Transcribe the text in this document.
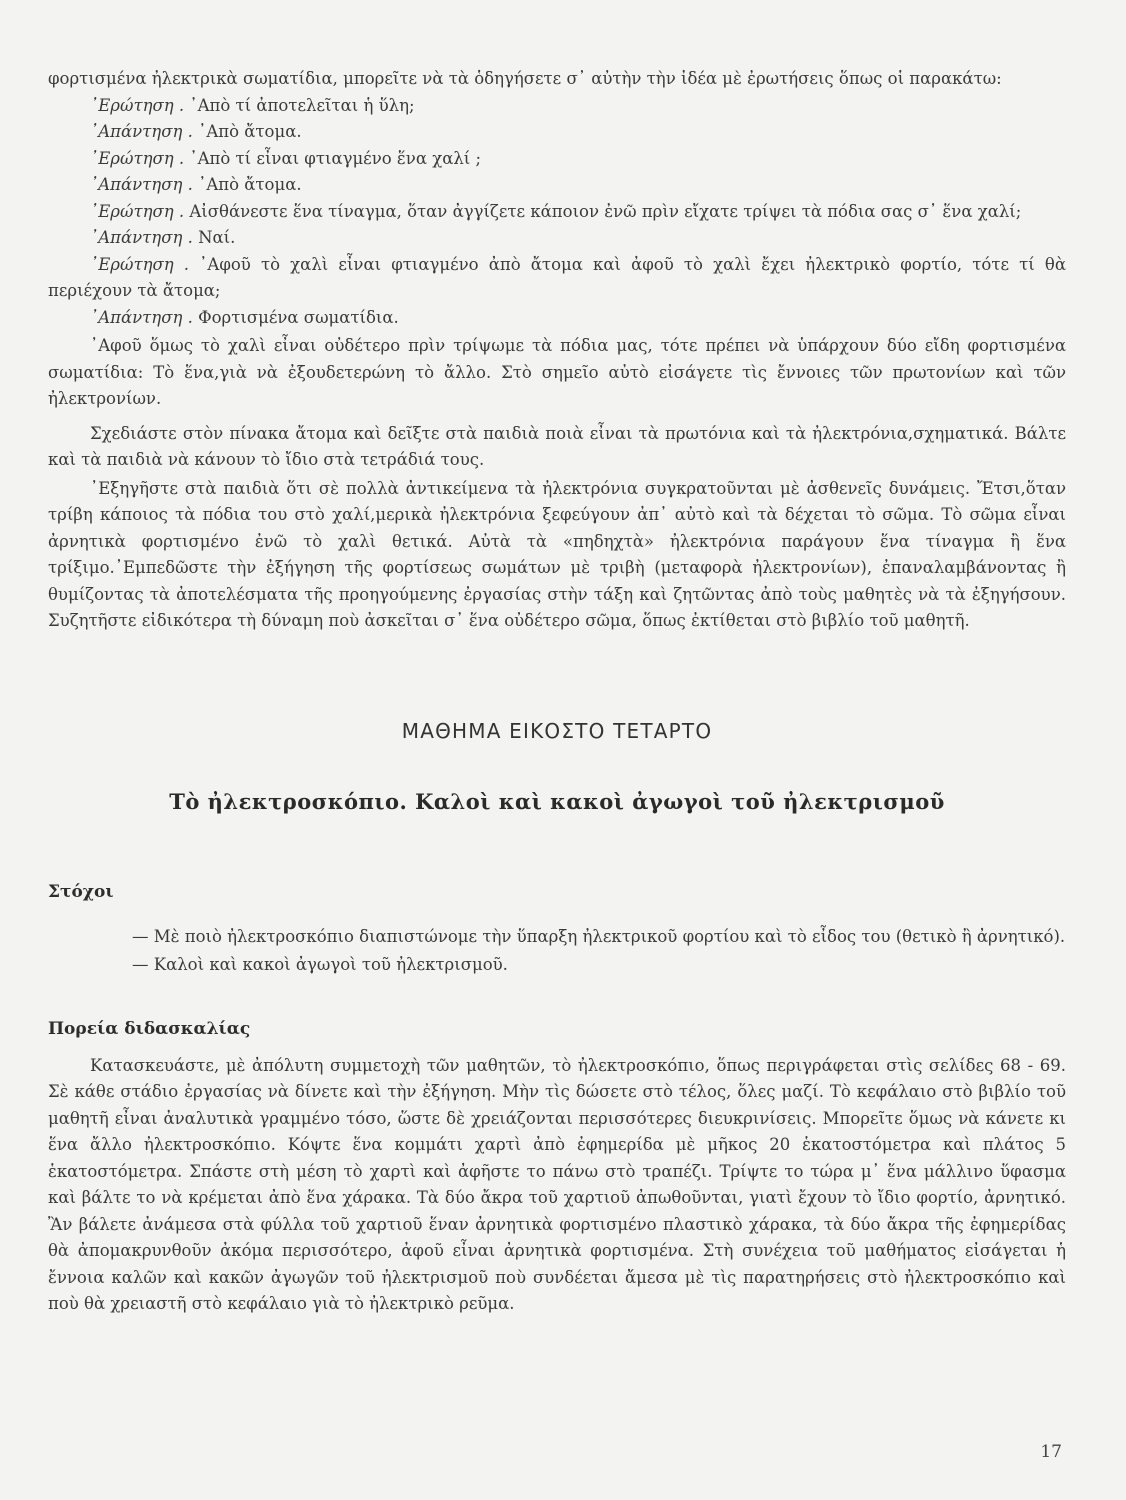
φορτισμένα ἠλεκτρικὰ σωματίδια, μπορεῖτε νὰ τὰ ὁδηγήσετε σ᾽ αὐτὴν τὴν ἰδέα μὲ ἐρωτήσεις ὅπως οἱ παρακάτω:

᾽Ερώτηση . ᾽Απὸ τί ἀποτελεῖται ἡ ὕλη;

᾽Απάντηση . ᾽Απὸ ἄτομα.

᾽Ερώτηση . ᾽Απὸ τί εἶναι φτιαγμένο ἕνα χαλί ;

᾽Απάντηση . ᾽Απὸ ἄτομα.

᾽Ερώτηση . Αἰσθάνεστε ἕνα τίναγμα, ὅταν ἀγγίζετε κάποιον ἐνῶ πρὶν εἴχατε τρίψει τὰ πόδια σας σ᾽ ἕνα χαλί;

᾽Απάντηση . Ναί.

᾽Ερώτηση . ᾽Αφοῦ τὸ χαλὶ εἶναι φτιαγμένο ἀπὸ ἄτομα καὶ ἀφοῦ τὸ χαλὶ ἔχει ἠλεκτρικὸ φορτίο, τότε τί θὰ περιέχουν τὰ ἄτομα;

᾽Απάντηση . Φορτισμένα σωματίδια.

᾽Αφοῦ ὅμως τὸ χαλὶ εἶναι οὐδέτερο πρὶν τρίψωμε τὰ πόδια μας, τότε πρέπει νὰ ὑπάρχουν δύο εἴδη φορτισμένα σωματίδια: Τὸ ἕνα,γιὰ νὰ ἐξουδετερώνη τὸ ἄλλο. Στὸ σημεῖο αὐτὸ εἰσάγετε τὶς ἔννοιες τῶν πρωτονίων καὶ τῶν ἠλεκτρονίων.

Σχεδιάστε στὸν πίνακα ἄτομα καὶ δεῖξτε στὰ παιδιὰ ποιὰ εἶναι τὰ πρωτόνια καὶ τὰ ἠλεκτρόνια,σχηματικά. Βάλτε καὶ τὰ παιδιὰ νὰ κάνουν τὸ ἴδιο στὰ τετράδιά τους.

᾽Εξηγῆστε στὰ παιδιὰ ὅτι σὲ πολλὰ ἀντικείμενα τὰ ἠλεκτρόνια συγκρατοῦνται μὲ ἀσθενεῖς δυνάμεις. Ἔτσι,ὅταν τρίβη κάποιος τὰ πόδια του στὸ χαλί,μερικὰ ἠλεκτρόνια ξεφεύγουν ἀπ᾽ αὐτὸ καὶ τὰ δέχεται τὸ σῶμα. Τὸ σῶμα εἶναι ἀρνητικὰ φορτισμένο ἐνῶ τὸ χαλὶ θετικά. Αὐτὰ τὰ «πηδηχτὰ» ἠλεκτρόνια παράγουν ἕνα τίναγμα ἢ ἕνα τρίξιμο.᾽Εμπεδῶστε τὴν ἐξήγηση τῆς φορτίσεως σωμάτων μὲ τριβὴ (μεταφορὰ ἠλεκτρονίων), ἐπαναλαμβάνοντας ἢ θυμίζοντας τὰ ἀποτελέσματα τῆς προηγούμενης ἐργασίας στὴν τάξη καὶ ζητῶντας ἀπὸ τοὺς μαθητὲς νὰ τὰ ἐξηγήσουν. Συζητῆστε εἰδικότερα τὴ δύναμη ποὺ ἀσκεῖται σ᾽ ἕνα οὐδέτερο σῶμα, ὅπως ἐκτίθεται στὸ βιβλίο τοῦ μαθητῆ.

ΜΑΘΗΜΑ ΕΙΚΟΣΤΟ ΤΕΤΑΡΤΟ
Τὸ ἠλεκτροσκόπιο. Καλοὶ καὶ κακοὶ ἀγωγοὶ τοῦ ἠλεκτρισμοῦ
Στόχοι

— Μὲ ποιὸ ἠλεκτροσκόπιο διαπιστώνομε τὴν ὕπαρξη ἠλεκτρικοῦ φορτίου καὶ τὸ εἶδος του (θετικὸ ἢ ἀρνητικό).

— Καλοὶ καὶ κακοὶ ἀγωγοὶ τοῦ ἠλεκτρισμοῦ.

Πορεία διδασκαλίας

Κατασκευάστε, μὲ ἀπόλυτη συμμετοχὴ τῶν μαθητῶν, τὸ ἠλεκτροσκόπιο, ὅπως περιγράφεται στὶς σελίδες 68 - 69. Σὲ κάθε στάδιο ἐργασίας νὰ δίνετε καὶ τὴν ἐξήγηση. Μὴν τὶς δώσετε στὸ τέλος, ὅλες μαζί. Τὸ κεφάλαιο στὸ βιβλίο τοῦ μαθητῆ εἶναι ἀναλυτικὰ γραμμένο τόσο, ὥστε δὲ χρειάζονται περισσότερες διευκρινίσεις. Μπορεῖτε ὅμως νὰ κάνετε κι ἕνα ἄλλο ἠλεκτροσκόπιο. Κόψτε ἕνα κομμάτι χαρτὶ ἀπὸ ἐφημερίδα μὲ μῆκος 20 ἑκατοστόμετρα καὶ πλάτος 5 ἑκατοστόμετρα. Σπάστε στὴ μέση τὸ χαρτὶ καὶ ἀφῆστε το πάνω στὸ τραπέζι. Τρίψτε το τώρα μ᾽ ἕνα μάλλινο ὕφασμα καὶ βάλτε το νὰ κρέμεται ἀπὸ ἕνα χάρακα. Τὰ δύο ἄκρα τοῦ χαρτιοῦ ἀπωθοῦνται, γιατὶ ἔχουν τὸ ἴδιο φορτίο, ἀρνητικό. Ἂν βάλετε ἀνάμεσα στὰ φύλλα τοῦ χαρτιοῦ ἕναν ἀρνητικὰ φορτισμένο πλαστικὸ χάρακα, τὰ δύο ἄκρα τῆς ἐφημερίδας θὰ ἀπομακρυνθοῦν ἀκόμα περισσότερο, ἀφοῦ εἶναι ἀρνητικὰ φορτισμένα. Στὴ συνέχεια τοῦ μαθήματος εἰσάγεται ἡ ἔννοια καλῶν καὶ κακῶν ἀγωγῶν τοῦ ἠλεκτρισμοῦ ποὺ συνδέεται ἄμεσα μὲ τὶς παρατηρήσεις στὸ ἠλεκτροσκόπιο καὶ ποὺ θὰ χρειαστῆ στὸ κεφάλαιο γιὰ τὸ ἠλεκτρικὸ ρεῦμα.

17
